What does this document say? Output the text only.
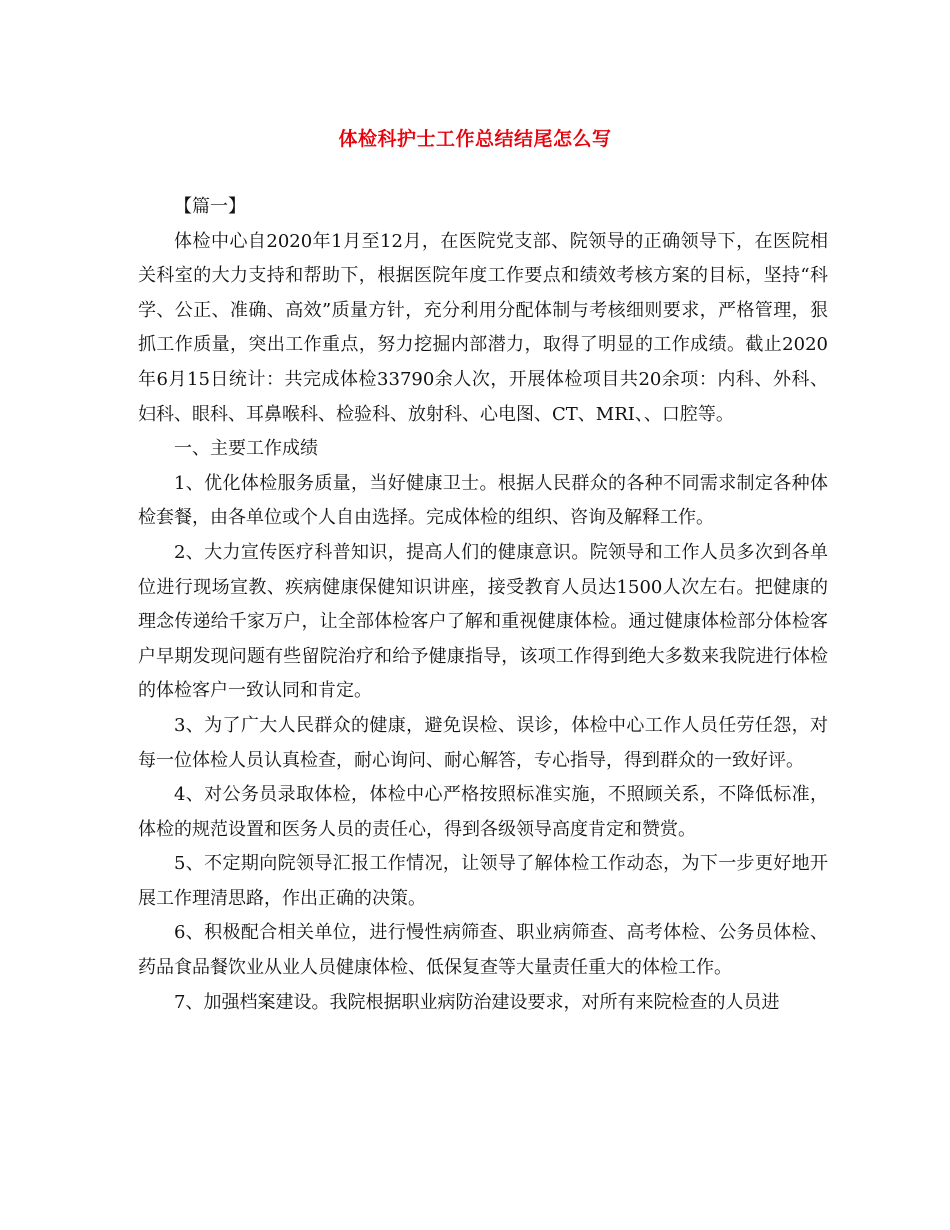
体检科护士工作总结结尾怎么写

【篇一】

体检中心自2020年1月至12月，在医院党支部、院领导的正确领导下，在医院相关科室的大力支持和帮助下，根据医院年度工作要点和绩效考核方案的目标，坚持“科学、公正、准确、高效”质量方针，充分利用分配体制与考核细则要求，严格管理，狠抓工作质量，突出工作重点，努力挖掘内部潜力，取得了明显的工作成绩。截止2020年6月15日统计：共完成体检33790余人次，开展体检项目共20余项：内科、外科、妇科、眼科、耳鼻喉科、检验科、放射科、心电图、CT、MRI、、口腔等。

一、主要工作成绩

1、优化体检服务质量，当好健康卫士。根据人民群众的各种不同需求制定各种体检套餐，由各单位或个人自由选择。完成体检的组织、咨询及解释工作。

2、大力宣传医疗科普知识，提高人们的健康意识。院领导和工作人员多次到各单位进行现场宣教、疾病健康保健知识讲座，接受教育人员达1500人次左右。把健康的理念传递给千家万户，让全部体检客户了解和重视健康体检。通过健康体检部分体检客户早期发现问题有些留院治疗和给予健康指导，该项工作得到绝大多数来我院进行体检的体检客户一致认同和肯定。

3、为了广大人民群众的健康，避免误检、误诊，体检中心工作人员任劳任怨，对每一位体检人员认真检查，耐心询问、耐心解答，专心指导，得到群众的一致好评。

4、对公务员录取体检，体检中心严格按照标准实施，不照顾关系，不降低标准，体检的规范设置和医务人员的责任心，得到各级领导高度肯定和赞赏。

5、不定期向院领导汇报工作情况，让领导了解体检工作动态，为下一步更好地开展工作理清思路，作出正确的决策。

6、积极配合相关单位，进行慢性病筛查、职业病筛查、高考体检、公务员体检、药品食品餐饮业从业人员健康体检、低保复查等大量责任重大的体检工作。

7、加强档案建设。我院根据职业病防治建设要求，对所有来院检查的人员进
